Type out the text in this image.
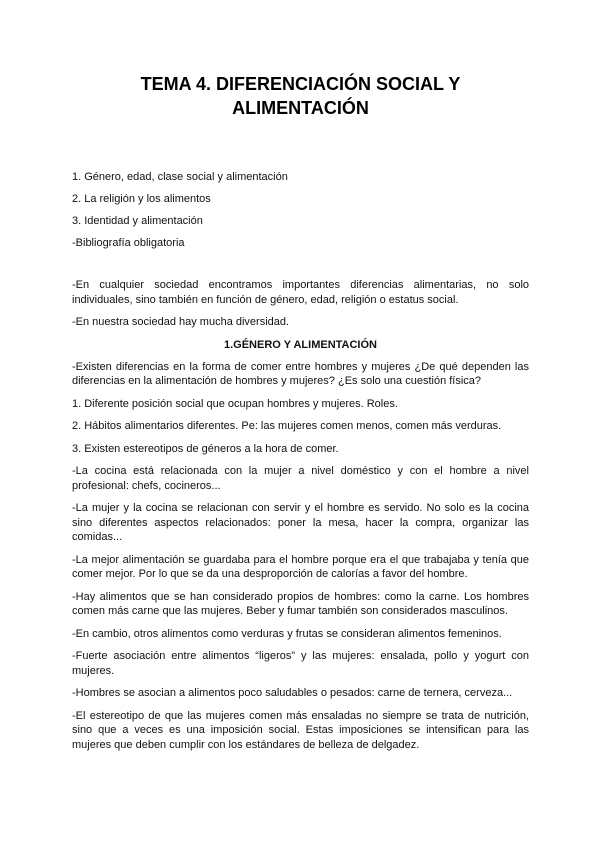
TEMA 4. DIFERENCIACIÓN SOCIAL Y
ALIMENTACIÓN
1. Género, edad, clase social y alimentación
2. La religión y los alimentos
3. Identidad y alimentación
-Bibliografía obligatoria

-En cualquier sociedad encontramos importantes diferencias alimentarias, no solo individuales, sino también en función de género, edad, religión o estatus social.

-En nuestra sociedad hay mucha diversidad.

1.GÉNERO Y ALIMENTACIÓN

-Existen diferencias en la forma de comer entre hombres y mujeres ¿De qué dependen las diferencias en la alimentación de hombres y mujeres? ¿Es solo una cuestión física?

1. Diferente posición social que ocupan hombres y mujeres. Roles.

2. Hábitos alimentarios diferentes. Pe: las mujeres comen menos, comen más verduras.

3. Existen estereotipos de géneros a la hora de comer.

-La cocina está relacionada con la mujer a nivel doméstico y con el hombre a nivel profesional: chefs, cocineros...

-La mujer y la cocina se relacionan con servir y el hombre es servido. No solo es la cocina sino diferentes aspectos relacionados: poner la mesa, hacer la compra, organizar las comidas...

-La mejor alimentación se guardaba para el hombre porque era el que trabajaba y tenía que comer mejor. Por lo que se da una desproporción de calorías a favor del hombre.

-Hay alimentos que se han considerado propios de hombres: como la carne. Los hombres comen más carne que las mujeres. Beber y fumar también son considerados masculinos.

-En cambio, otros alimentos como verduras y frutas se consideran alimentos femeninos.

-Fuerte asociación entre alimentos “ligeros” y las mujeres: ensalada, pollo y yogurt con mujeres.

-Hombres se asocian a alimentos poco saludables o pesados: carne de ternera, cerveza...

-El estereotipo de que las mujeres comen más ensaladas no siempre se trata de nutrición, sino que a veces es una imposición social. Estas imposiciones se intensifican para las mujeres que deben cumplir con los estándares de belleza de delgadez.
